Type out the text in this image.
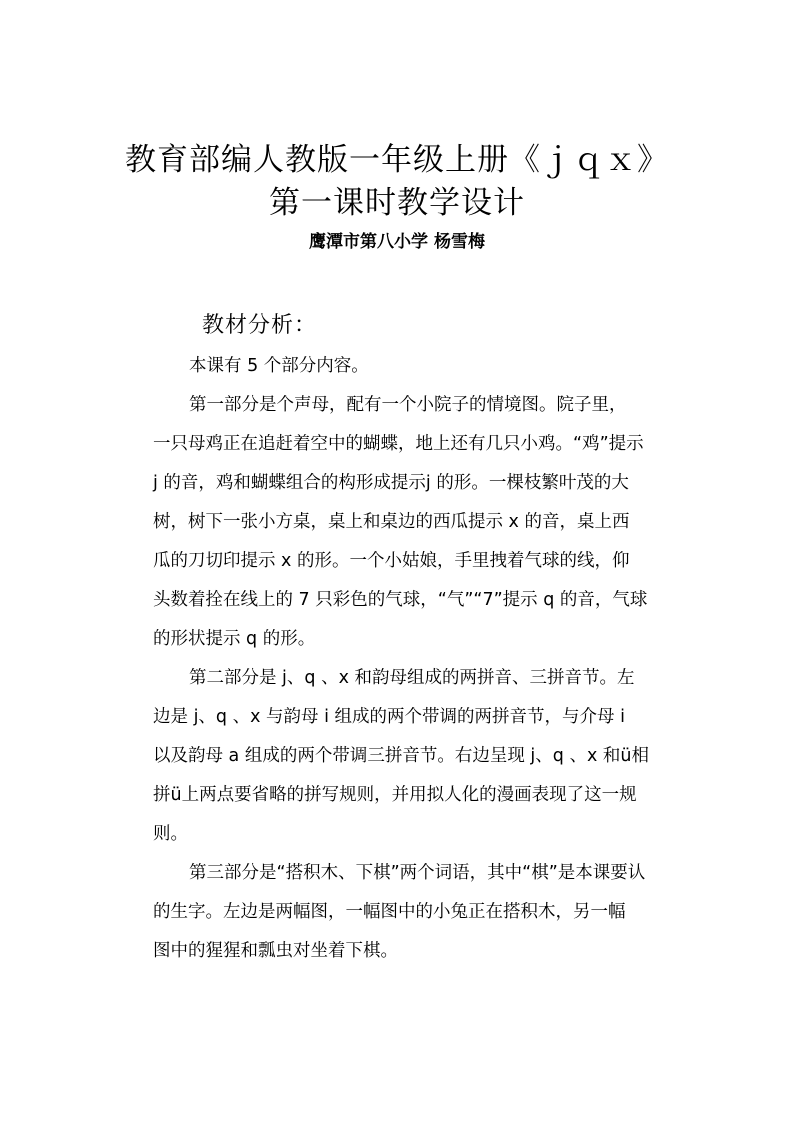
教育部编人教版一年级上册《ｊｑｘ》
第一课时教学设计
鹰潭市第八小学 杨雪梅
教材分析：

本课有 5 个部分内容。

第一部分是个声母，配有一个小院子的情境图。院子里，
一只母鸡正在追赶着空中的蝴蝶，地上还有几只小鸡。“鸡”提示
j 的音，鸡和蝴蝶组合的构形成提示j 的形。一棵枝繁叶茂的大
树，树下一张小方桌，桌上和桌边的西瓜提示 x 的音，桌上西
瓜的刀切印提示 x 的形。一个小姑娘，手里拽着气球的线，仰
头数着拴在线上的 7 只彩色的气球，“气”“7”提示 q 的音，气球
的形状提示 q 的形。

第二部分是 j、q 、x 和韵母组成的两拼音、三拼音节。左
边是 j、q 、x 与韵母 i 组成的两个带调的两拼音节，与介母 i
以及韵母 a 组成的两个带调三拼音节。右边呈现 j、q 、x 和ü相
拼ü上两点要省略的拼写规则，并用拟人化的漫画表现了这一规
则。

第三部分是“搭积木、下棋”两个词语，其中“棋”是本课要认
的生字。左边是两幅图，一幅图中的小兔正在搭积木，另一幅
图中的猩猩和瓢虫对坐着下棋。
